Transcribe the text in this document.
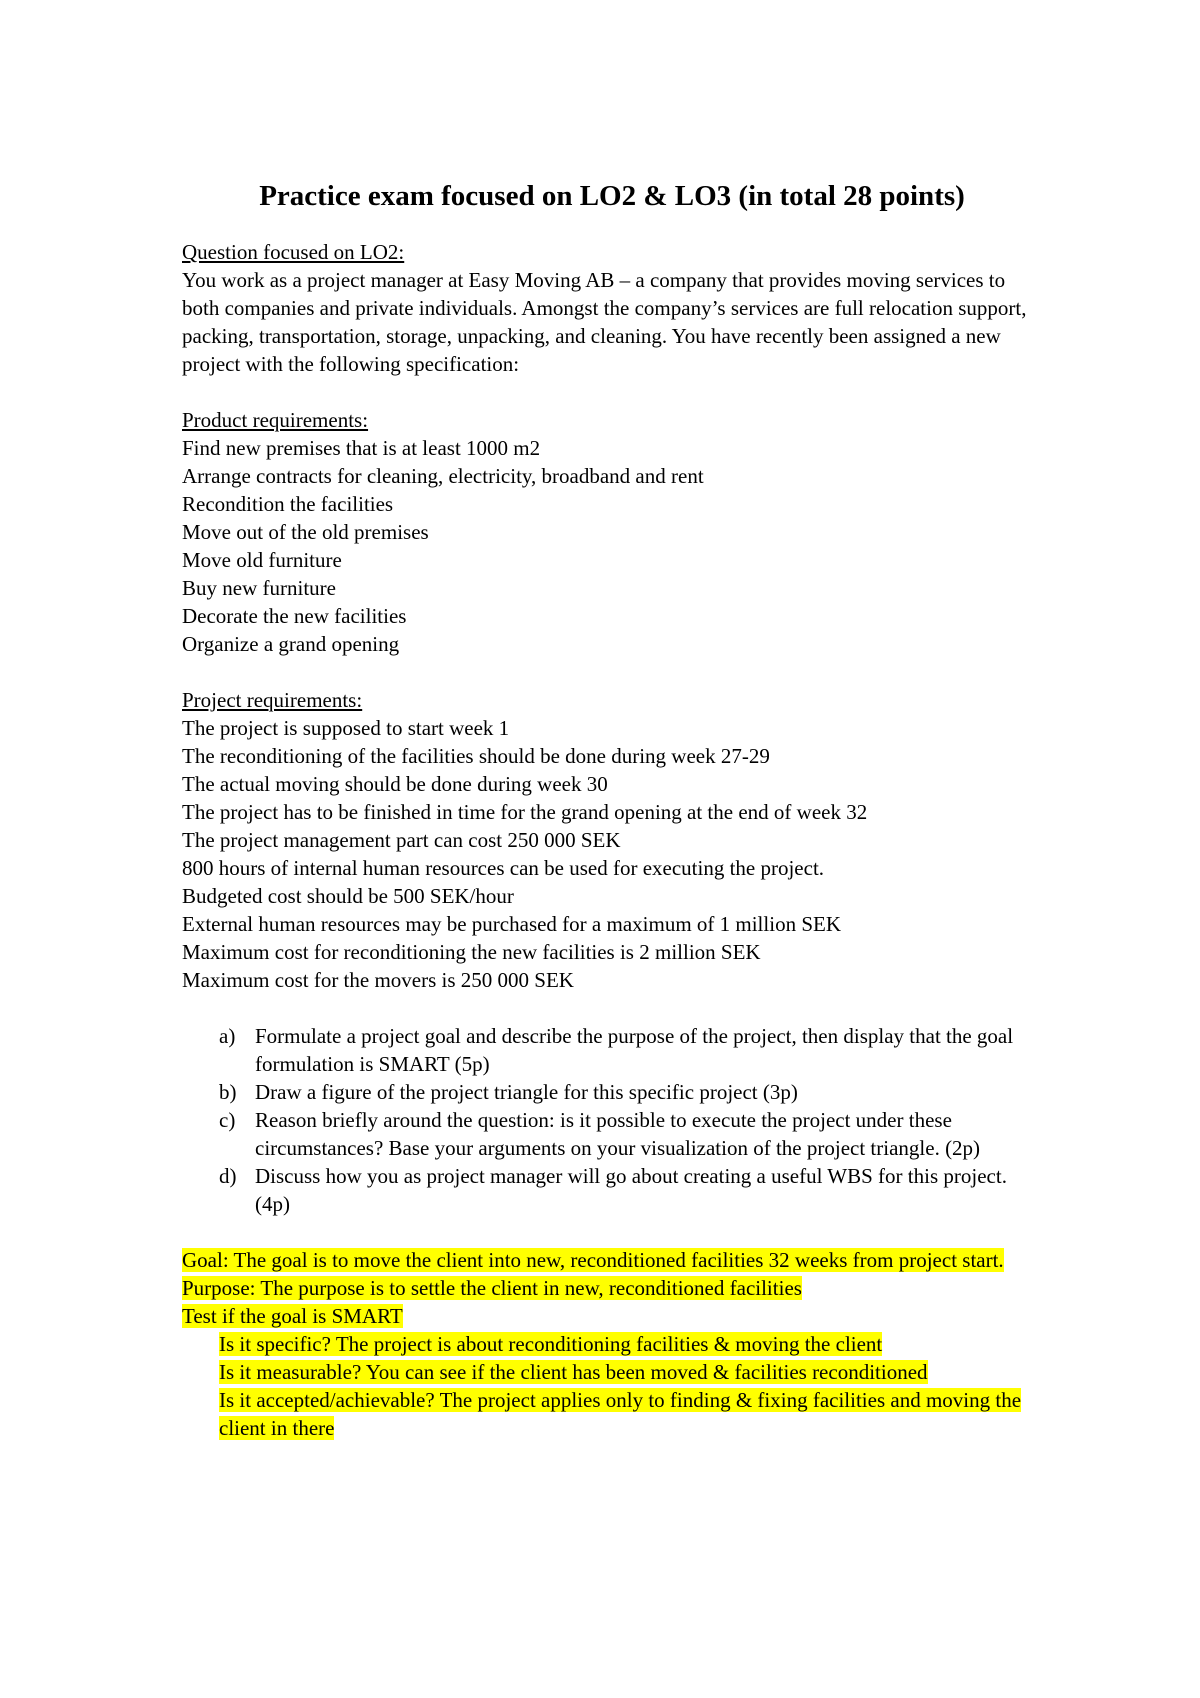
Practice exam focused on LO2 & LO3 (in total 28 points)
Question focused on LO2:
You work as a project manager at Easy Moving AB – a company that provides moving services to both companies and private individuals. Amongst the company’s services are full relocation support, packing, transportation, storage, unpacking, and cleaning. You have recently been assigned a new project with the following specification:
Product requirements:
Find new premises that is at least 1000 m2
Arrange contracts for cleaning, electricity, broadband and rent
Recondition the facilities
Move out of the old premises
Move old furniture
Buy new furniture
Decorate the new facilities
Organize a grand opening
Project requirements:
The project is supposed to start week 1
The reconditioning of the facilities should be done during week 27-29
The actual moving should be done during week 30
The project has to be finished in time for the grand opening at the end of week 32
The project management part can cost 250 000 SEK
800 hours of internal human resources can be used for executing the project.
Budgeted cost should be 500 SEK/hour
External human resources may be purchased for a maximum of 1 million SEK
Maximum cost for reconditioning the new facilities is 2 million SEK
Maximum cost for the movers is 250 000 SEK
a) Formulate a project goal and describe the purpose of the project, then display that the goal formulation is SMART (5p)
b) Draw a figure of the project triangle for this specific project (3p)
c) Reason briefly around the question: is it possible to execute the project under these circumstances? Base your arguments on your visualization of the project triangle. (2p)
d) Discuss how you as project manager will go about creating a useful WBS for this project. (4p)
Goal: The goal is to move the client into new, reconditioned facilities 32 weeks from project start.
Purpose: The purpose is to settle the client in new, reconditioned facilities
Test if the goal is SMART
Is it specific? The project is about reconditioning facilities & moving the client
Is it measurable? You can see if the client has been moved & facilities reconditioned
Is it accepted/achievable? The project applies only to finding & fixing facilities and moving the client in there
